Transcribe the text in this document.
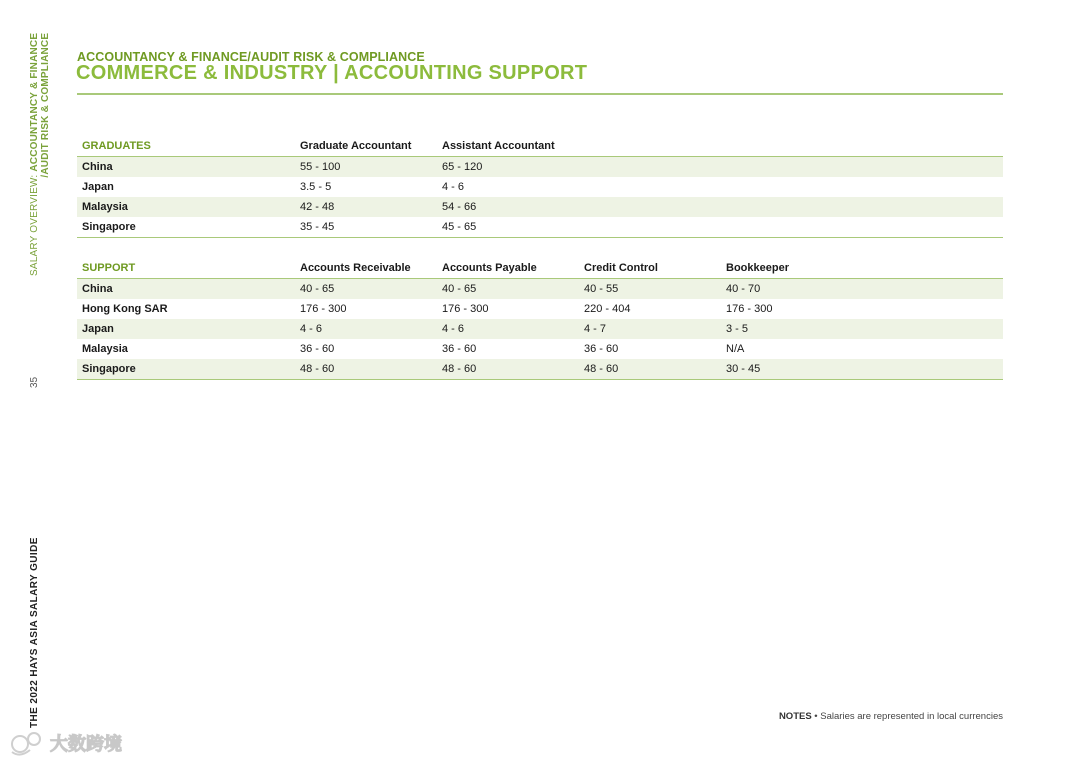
SALARY OVERVIEW: ACCOUNTANCY & FINANCE /AUDIT RISK & COMPLIANCE
35
THE 2022 HAYS ASIA SALARY GUIDE
ACCOUNTANCY & FINANCE/AUDIT RISK & COMPLIANCE
COMMERCE & INDUSTRY | ACCOUNTING SUPPORT
GRADUATES	Graduate Accountant	Assistant Accountant			
China	55 - 100	65 - 120			
Japan	3.5 - 5	4 - 6			
Malaysia	42 - 48	54 - 66			
Singapore	35 - 45	45 - 65			
SUPPORT	Accounts Receivable	Accounts Payable	Credit Control	Bookkeeper	
China	40 - 65	40 - 65	40 - 55	40 - 70	
Hong Kong SAR	176 - 300	176 - 300	220 - 404	176 - 300	
Japan	4 - 6	4 - 6	4 - 7	3 - 5	
Malaysia	36 - 60	36 - 60	36 - 60	N/A	
Singapore	48 - 60	48 - 60	48 - 60	30 - 45	
NOTES • Salaries are represented in local currencies
大数跨境
